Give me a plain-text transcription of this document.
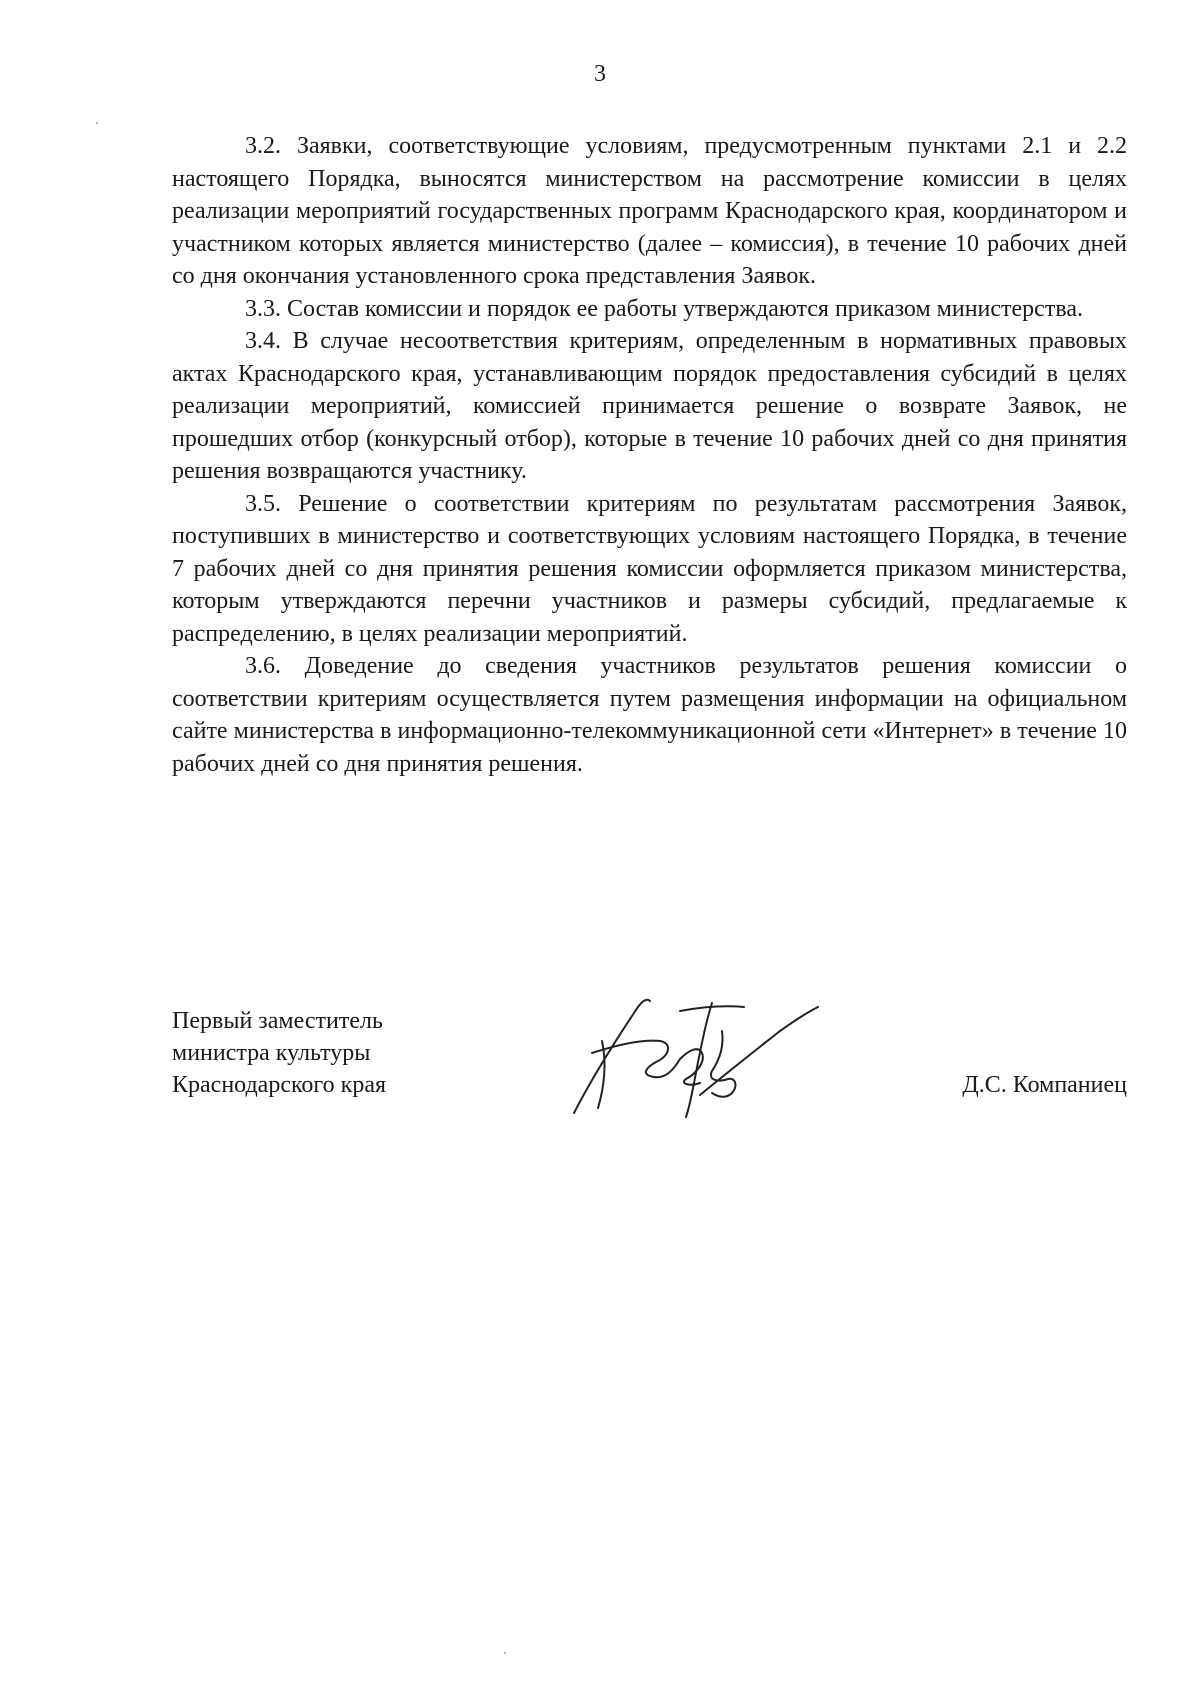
3

3.2. Заявки, соответствующие условиям, предусмотренным пунктами 2.1 и 2.2 настоящего Порядка, выносятся министерством на рассмотрение комиссии в целях реализации мероприятий государственных программ Краснодарского края, координатором и участником которых является министерство (далее – комиссия), в течение 10 рабочих дней со дня окончания установленного срока представления Заявок.

3.3. Состав комиссии и порядок ее работы утверждаются приказом министерства.

3.4. В случае несоответствия критериям, определенным в нормативных правовых актах Краснодарского края, устанавливающим порядок предоставления субсидий в целях реализации мероприятий, комиссией принимается решение о возврате Заявок, не прошедших отбор (конкурсный отбор), которые в течение 10 рабочих дней со дня принятия решения возвращаются участнику.

3.5. Решение о соответствии критериям по результатам рассмотрения Заявок, поступивших в министерство и соответствующих условиям настоящего Порядка, в течение 7 рабочих дней со дня принятия решения комиссии оформляется приказом министерства, которым утверждаются перечни участников и размеры субсидий, предлагаемые к распределению, в целях реализации мероприятий.

3.6. Доведение до сведения участников результатов решения комиссии о соответствии критериям осуществляется путем размещения информации на официальном сайте министерства в информационно-телекоммуникационной сети «Интернет» в течение 10 рабочих дней со дня принятия решения.

Первый заместитель
министра культуры
Краснодарского края	Д.С. Компаниец
